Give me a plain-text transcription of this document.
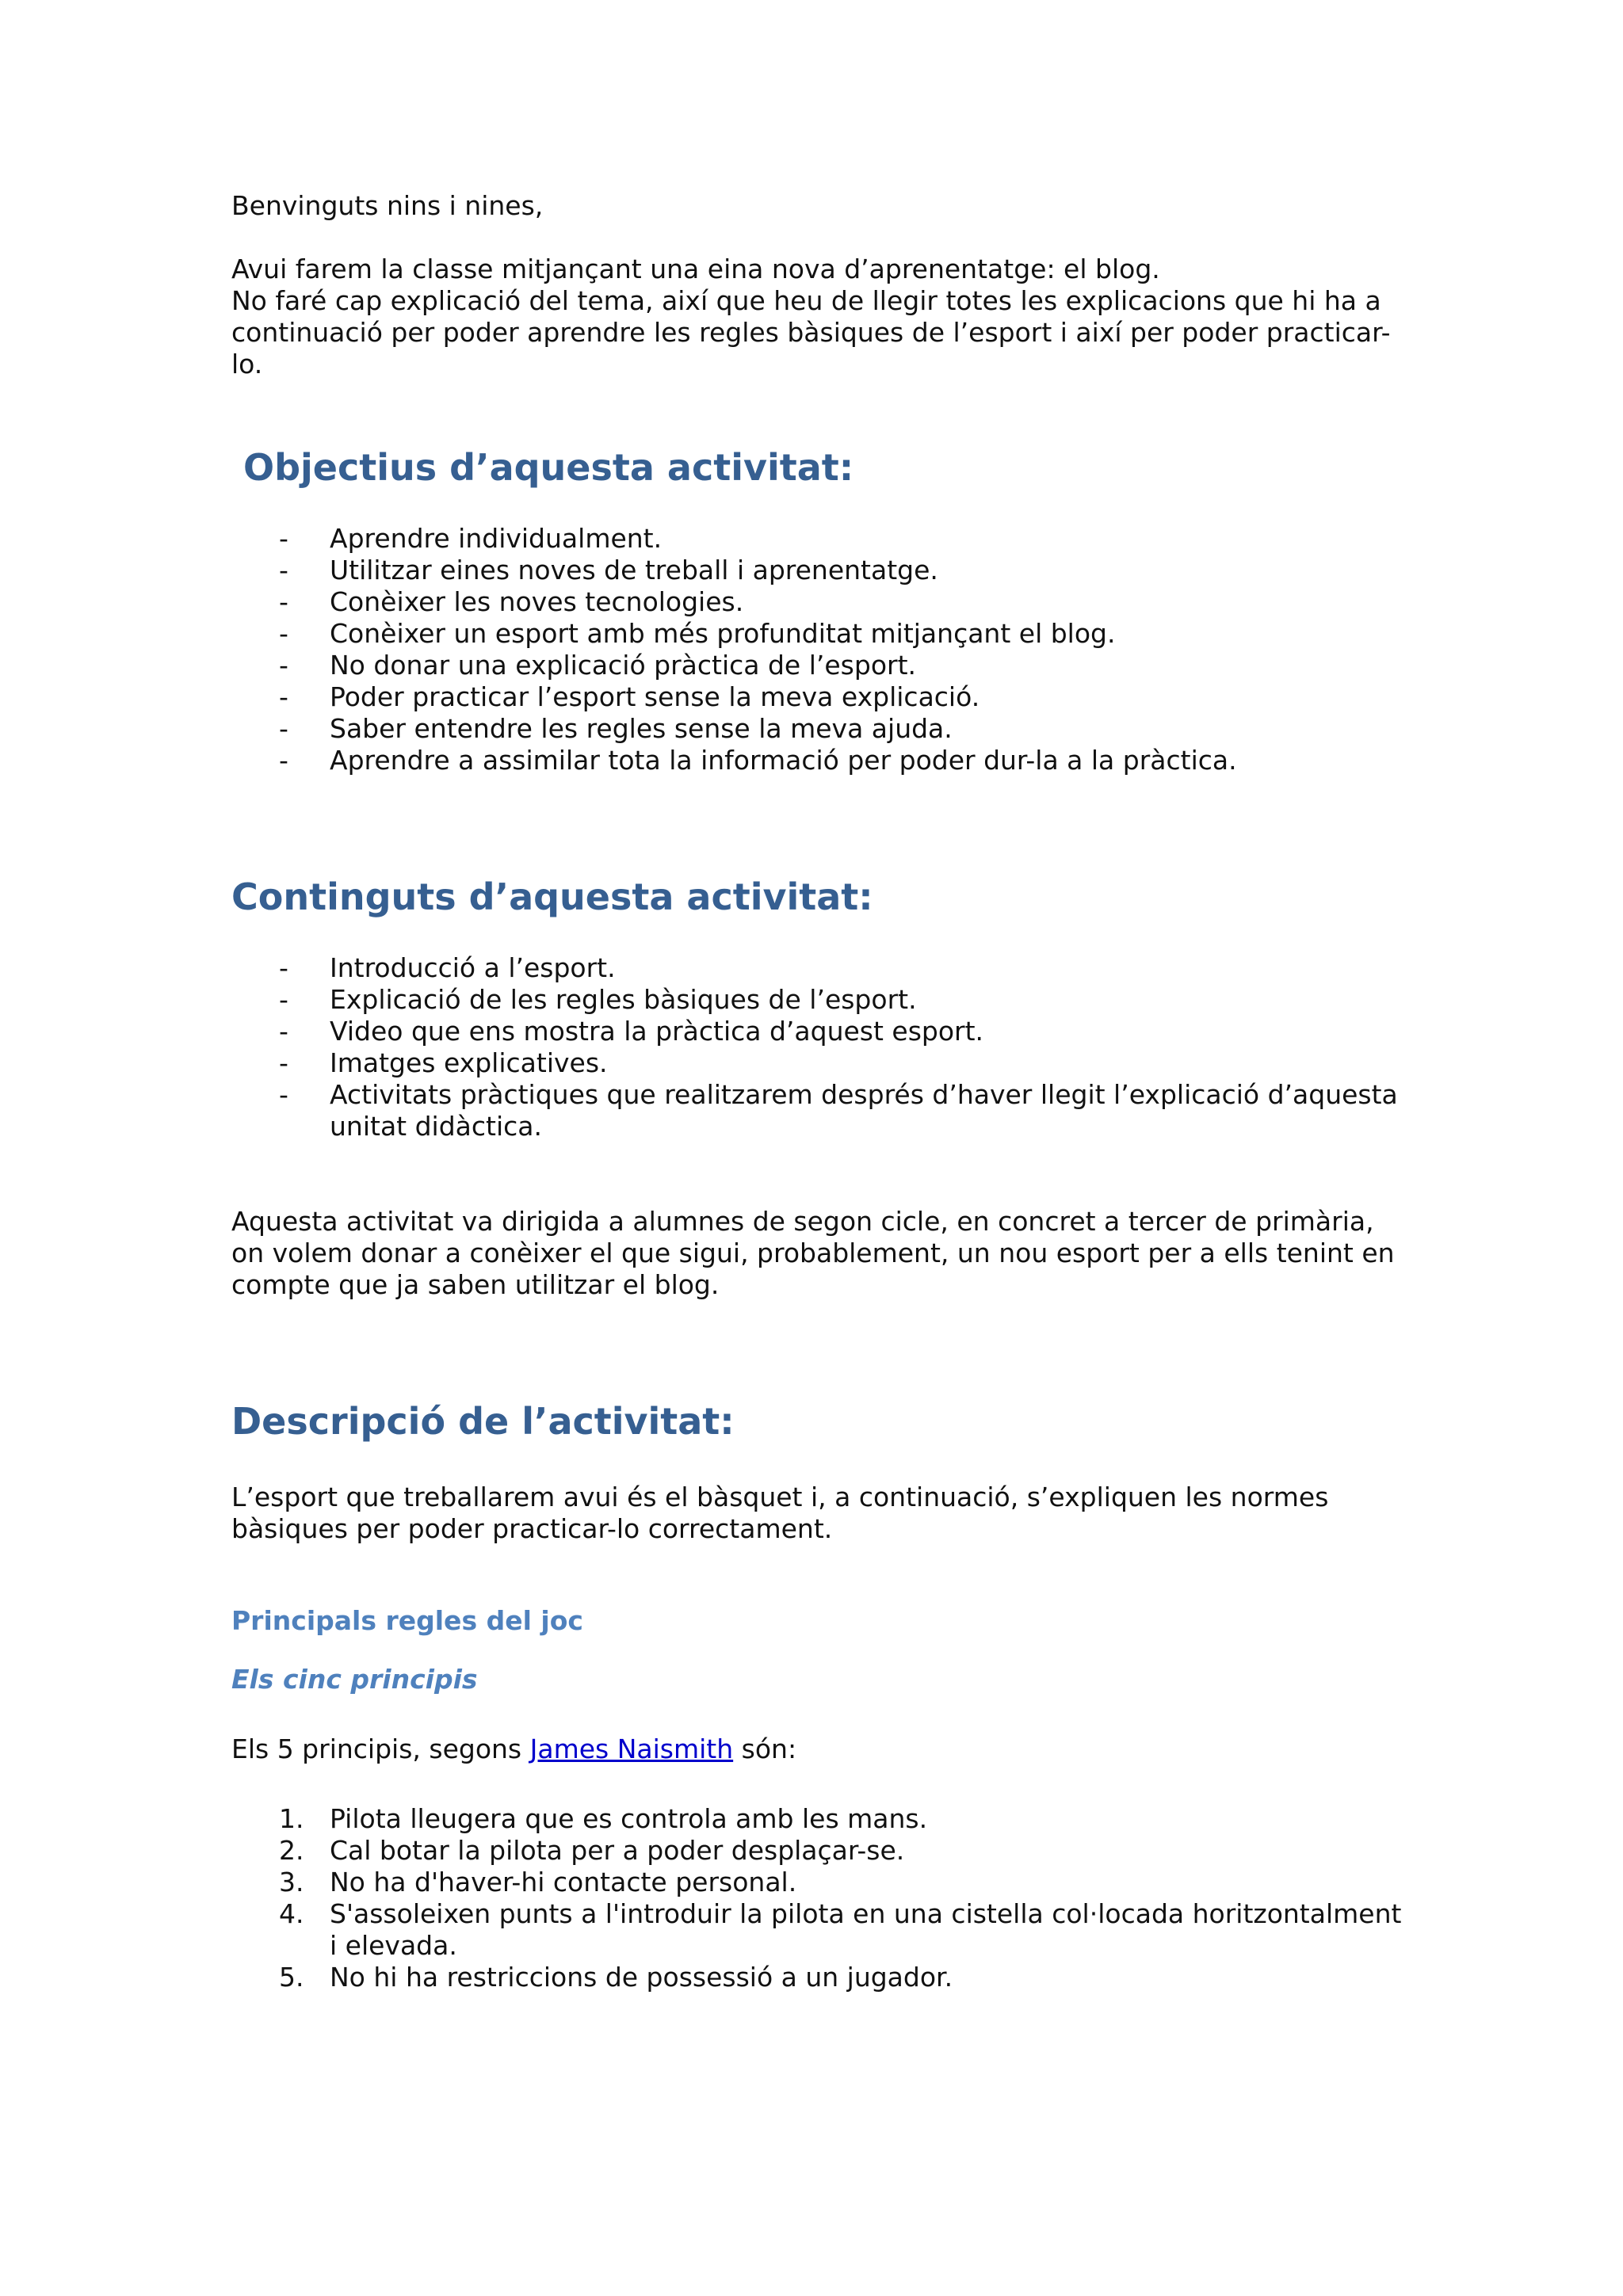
Benvinguts nins i nines,

Avui farem la classe mitjançant una eina nova d’aprenentatge: el blog.

No faré cap explicació del tema, així que heu de llegir totes les explicacions que hi ha a continuació per poder aprendre les regles bàsiques de l’esport i així per poder practicar-lo.

Objectius d’aquesta activitat:
- Aprendre individualment.
- Utilitzar eines noves de treball i aprenentatge.
- Conèixer les noves tecnologies.
- Conèixer un esport amb més profunditat mitjançant el blog.
- No donar una explicació pràctica de l’esport.
- Poder practicar l’esport sense la meva explicació.
- Saber entendre les regles sense la meva ajuda.
- Aprendre a assimilar tota la informació per poder dur-la a la pràctica.
Continguts d’aquesta activitat:
- Introducció a l’esport.
- Explicació de les regles bàsiques de l’esport.
- Video que ens mostra la pràctica d’aquest esport.
- Imatges explicatives.
- Activitats pràctiques que realitzarem després d’haver llegit l’explicació d’aquesta unitat didàctica.

Aquesta activitat va dirigida a alumnes de segon cicle, en concret a tercer de primària, on volem donar a conèixer el que sigui, probablement, un nou esport per a ells tenint en compte que ja saben utilitzar el blog.

Descripció de l’activitat:

L’esport que treballarem avui és el bàsquet i, a continuació, s’expliquen les normes bàsiques per poder practicar-lo correctament.

Principals regles del joc
Els cinc principis

Els 5 principis, segons James Naismith són:

1. Pilota lleugera que es controla amb les mans.
2. Cal botar la pilota per a poder desplaçar-se.
3. No ha d'haver-hi contacte personal.
4. S'assoleixen punts a l'introduir la pilota en una cistella col·locada horitzontalment i elevada.
5. No hi ha restriccions de possessió a un jugador.
